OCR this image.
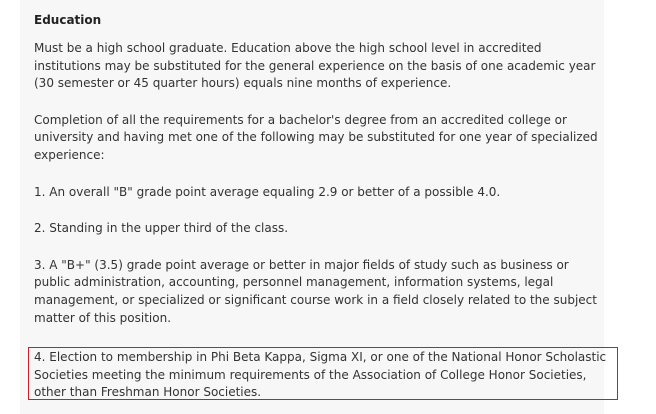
Education

Must be a high school graduate. Education above the high school level in accredited institutions may be substituted for the general experience on the basis of one academic year (30 semester or 45 quarter hours) equals nine months of experience.

Completion of all the requirements for a bachelor's degree from an accredited college or university and having met one of the following may be substituted for one year of specialized experience:

1. An overall "B" grade point average equaling 2.9 or better of a possible 4.0.

2. Standing in the upper third of the class.

3. A "B+" (3.5) grade point average or better in major fields of study such as business or public administration, accounting, personnel management, information systems, legal management, or specialized or significant course work in a field closely related to the subject matter of this position.

4. Election to membership in Phi Beta Kappa, Sigma XI, or one of the National Honor Scholastic Societies meeting the minimum requirements of the Association of College Honor Societies, other than Freshman Honor Societies.
